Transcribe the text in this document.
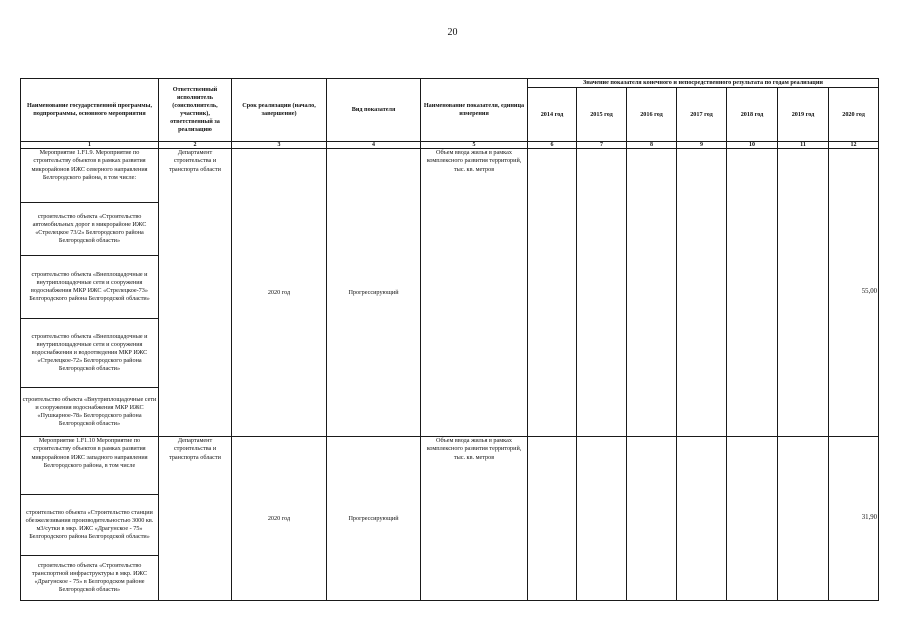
20
Наименование государственной программы, подпрограммы, основного мероприятия	Ответственный исполнитель (соисполнитель, участник), ответственный за реализацию	Срок реализации (начало, завершение)	Вид показателя	Наименование показателя, единица измерения	Значение показателя конечного и непосредственного результата по годам реализации						
					2014 год	2015 год	2016 год	2017 год	2018 год	2019 год	2020 год
1	2	3	4	5	6	7	8	9	10	11	12
Мероприятие 1.F1.9. Мероприятие по строительству объектов в рамках развития микрорайонов ИЖС северного направления Белгородского района, в том числе:	Департамент строительства и транспорта области	2020 год	Прогрессирующий	Объем ввода жилья в рамках комплексного развития территорий, тыс. кв. метров							55,00
строительство объекта «Строительство автомобильных дорог в микрорайоне ИЖС «Стрелецкое 73/2» Белгородского района Белгородской области»											
строительство объекта «Внеплощадочные и внутриплощадочные сети и сооружения водоснабжения МКР ИЖС «Стрелецкое-73» Белгородского района Белгородской области»											
строительство объекта «Внеплощадочные и внутриплощадочные сети и сооружения водоснабжения и водоотведения МКР ИЖС «Стрелецкое-72» Белгородского района Белгородской области»											
строительство объекта «Внутриплощадочные сети и сооружения водоснабжения МКР ИЖС «Пушкарное-78» Белгородского района Белгородской области»											
Мероприятие 1.F1.10 Мероприятие по строительству объектов в рамках развития микрорайонов ИЖС западного направления Белгородского района, в том числе	Департамент строительства и транспорта области	2020 год	Прогрессирующий	Объем ввода жилья в рамках комплексного развития территорий, тыс. кв. метров							31,90
строительство объекта «Строительство станции обезжелезивания производительностью 3000 кв. м3/сутки в мкр. ИЖС «Драгунское - 75» Белгородского района Белгородской области»											
строительство объекта «Строительство транспортной инфраструктуры в мкр. ИЖС «Драгунское - 75» в Белгородском районе Белгородской области»											
